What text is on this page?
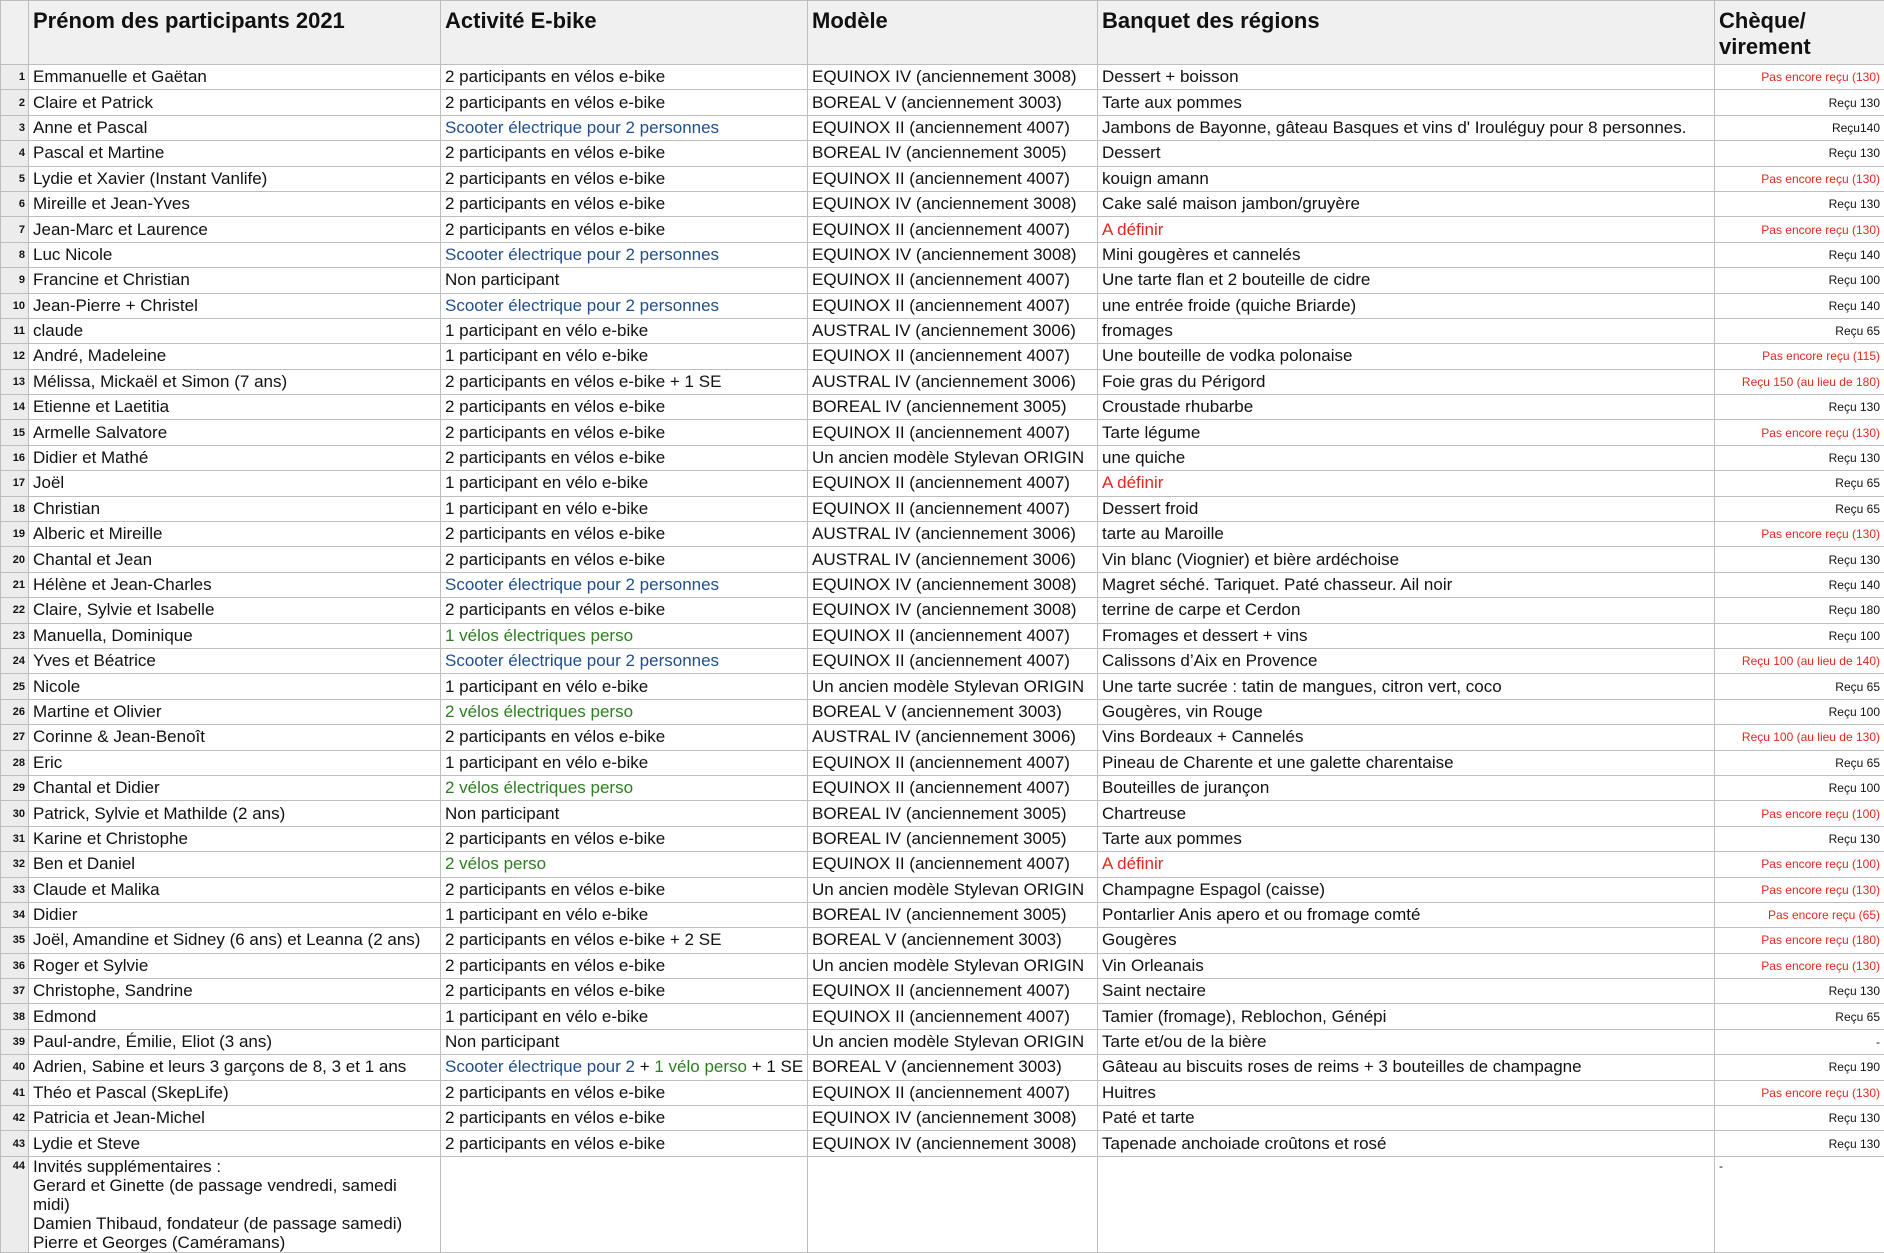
	Prénom des participants 2021	Activité E-bike	Modèle	Banquet des régions	Chèque/ virement
1	Emmanuelle et Gaëtan	2 participants en vélos e-bike	EQUINOX IV (anciennement 3008)	Dessert + boisson	Pas encore reçu (130)
2	Claire et Patrick	2 participants en vélos e-bike	BOREAL V (anciennement 3003)	Tarte aux pommes	Reçu 130
3	Anne et Pascal	Scooter électrique pour 2 personnes	EQUINOX II (anciennement 4007)	Jambons de Bayonne, gâteau Basques et vins d' Irouléguy pour 8 personnes.	Reçu140
4	Pascal et Martine	2 participants en vélos e-bike	BOREAL IV (anciennement 3005)	Dessert	Reçu 130
5	Lydie et Xavier (Instant Vanlife)	2 participants en vélos e-bike	EQUINOX II (anciennement 4007)	kouign amann	Pas encore reçu (130)
6	Mireille et Jean-Yves	2 participants en vélos e-bike	EQUINOX IV (anciennement 3008)	Cake salé maison jambon/gruyère	Reçu 130
7	Jean-Marc et Laurence	2 participants en vélos e-bike	EQUINOX II (anciennement 4007)	A définir	Pas encore reçu (130)
8	Luc Nicole	Scooter électrique pour 2 personnes	EQUINOX IV (anciennement 3008)	Mini gougères et cannelés	Reçu 140
9	Francine et Christian	Non participant	EQUINOX II (anciennement 4007)	Une tarte flan et 2 bouteille de cidre	Reçu 100
10	Jean-Pierre + Christel	Scooter électrique pour 2 personnes	EQUINOX II (anciennement 4007)	une entrée froide (quiche Briarde)	Reçu 140
11	claude	1 participant en vélo e-bike	AUSTRAL IV (anciennement 3006)	fromages	Reçu 65
12	André, Madeleine	1 participant en vélo e-bike	EQUINOX II (anciennement 4007)	Une bouteille de vodka polonaise	Pas encore reçu (115)
13	Mélissa, Mickaël et Simon (7 ans)	2 participants en vélos e-bike + 1 SE	AUSTRAL IV (anciennement 3006)	Foie gras du Périgord	Reçu 150 (au lieu de 180)
14	Etienne et Laetitia	2 participants en vélos e-bike	BOREAL IV (anciennement 3005)	Croustade rhubarbe	Reçu 130
15	Armelle Salvatore	2 participants en vélos e-bike	EQUINOX II (anciennement 4007)	Tarte légume	Pas encore reçu (130)
16	Didier et Mathé	2 participants en vélos e-bike	Un ancien modèle Stylevan ORIGIN	une quiche	Reçu 130
17	Joël	1 participant en vélo e-bike	EQUINOX II (anciennement 4007)	A définir	Reçu 65
18	Christian	1 participant en vélo e-bike	EQUINOX II (anciennement 4007)	Dessert froid	Reçu 65
19	Alberic et Mireille	2 participants en vélos e-bike	AUSTRAL IV (anciennement 3006)	tarte au Maroille	Pas encore reçu (130)
20	Chantal et Jean	2 participants en vélos e-bike	AUSTRAL IV (anciennement 3006)	Vin blanc (Viognier) et bière ardéchoise	Reçu 130
21	Hélène et Jean-Charles	Scooter électrique pour 2 personnes	EQUINOX IV (anciennement 3008)	Magret séché. Tariquet. Paté chasseur. Ail noir	Reçu 140
22	Claire, Sylvie et Isabelle	2 participants en vélos e-bike	EQUINOX IV (anciennement 3008)	terrine de carpe et Cerdon	Reçu 180
23	Manuella, Dominique	1 vélos électriques perso	EQUINOX II (anciennement 4007)	Fromages et dessert + vins	Reçu 100
24	Yves et Béatrice	Scooter électrique pour 2 personnes	EQUINOX II (anciennement 4007)	Calissons d’Aix en Provence	Reçu 100 (au lieu de 140)
25	Nicole	1 participant en vélo e-bike	Un ancien modèle Stylevan ORIGIN	Une tarte sucrée : tatin de mangues, citron vert, coco	Reçu 65
26	Martine et Olivier	2 vélos électriques perso	BOREAL V (anciennement 3003)	Gougères, vin Rouge	Reçu 100
27	Corinne & Jean-Benoît	2 participants en vélos e-bike	AUSTRAL IV (anciennement 3006)	Vins Bordeaux + Cannelés	Reçu 100 (au lieu de 130)
28	Eric	1 participant en vélo e-bike	EQUINOX II (anciennement 4007)	Pineau de Charente et une galette charentaise	Reçu 65
29	Chantal et Didier	2 vélos électriques perso	EQUINOX II (anciennement 4007)	Bouteilles de jurançon	Reçu 100
30	Patrick, Sylvie et Mathilde (2 ans)	Non participant	BOREAL IV (anciennement 3005)	Chartreuse	Pas encore reçu (100)
31	Karine et Christophe	2 participants en vélos e-bike	BOREAL IV (anciennement 3005)	Tarte aux pommes	Reçu 130
32	Ben et Daniel	2 vélos perso	EQUINOX II (anciennement 4007)	A définir	Pas encore reçu (100)
33	Claude et Malika	2 participants en vélos e-bike	Un ancien modèle Stylevan ORIGIN	Champagne Espagol (caisse)	Pas encore reçu (130)
34	Didier	1 participant en vélo e-bike	BOREAL IV (anciennement 3005)	Pontarlier Anis apero et ou fromage comté	Pas encore reçu (65)
35	Joël, Amandine et Sidney (6 ans) et Leanna (2 ans)	2 participants en vélos e-bike + 2 SE	BOREAL V (anciennement 3003)	Gougères	Pas encore reçu (180)
36	Roger et Sylvie	2 participants en vélos e-bike	Un ancien modèle Stylevan ORIGIN	Vin Orleanais	Pas encore reçu (130)
37	Christophe, Sandrine	2 participants en vélos e-bike	EQUINOX II (anciennement 4007)	Saint nectaire	Reçu 130
38	Edmond	1 participant en vélo e-bike	EQUINOX II (anciennement 4007)	Tamier (fromage), Reblochon, Génépi	Reçu 65
39	Paul-andre, Émilie, Eliot (3 ans)	Non participant	Un ancien modèle Stylevan ORIGIN	Tarte et/ou de la bière	-
40	Adrien, Sabine et leurs 3 garçons de 8, 3 et 1 ans	Scooter électrique pour 2 + 1 vélo perso + 1 SE	BOREAL V (anciennement 3003)	Gâteau au biscuits roses de reims + 3 bouteilles de champagne	Reçu 190
41	Théo et Pascal (SkepLife)	2 participants en vélos e-bike	EQUINOX II (anciennement 4007)	Huitres	Pas encore reçu (130)
42	Patricia et Jean-Michel	2 participants en vélos e-bike	EQUINOX IV (anciennement 3008)	Paté et tarte	Reçu 130
43	Lydie et Steve	2 participants en vélos e-bike	EQUINOX IV (anciennement 3008)	Tapenade anchoiade croûtons et rosé	Reçu 130
44	Invités supplémentaires :
Gerard et Ginette (de passage vendredi, samedi midi)
Damien Thibaud, fondateur (de passage samedi)
Pierre et Georges (Caméramans)				-
